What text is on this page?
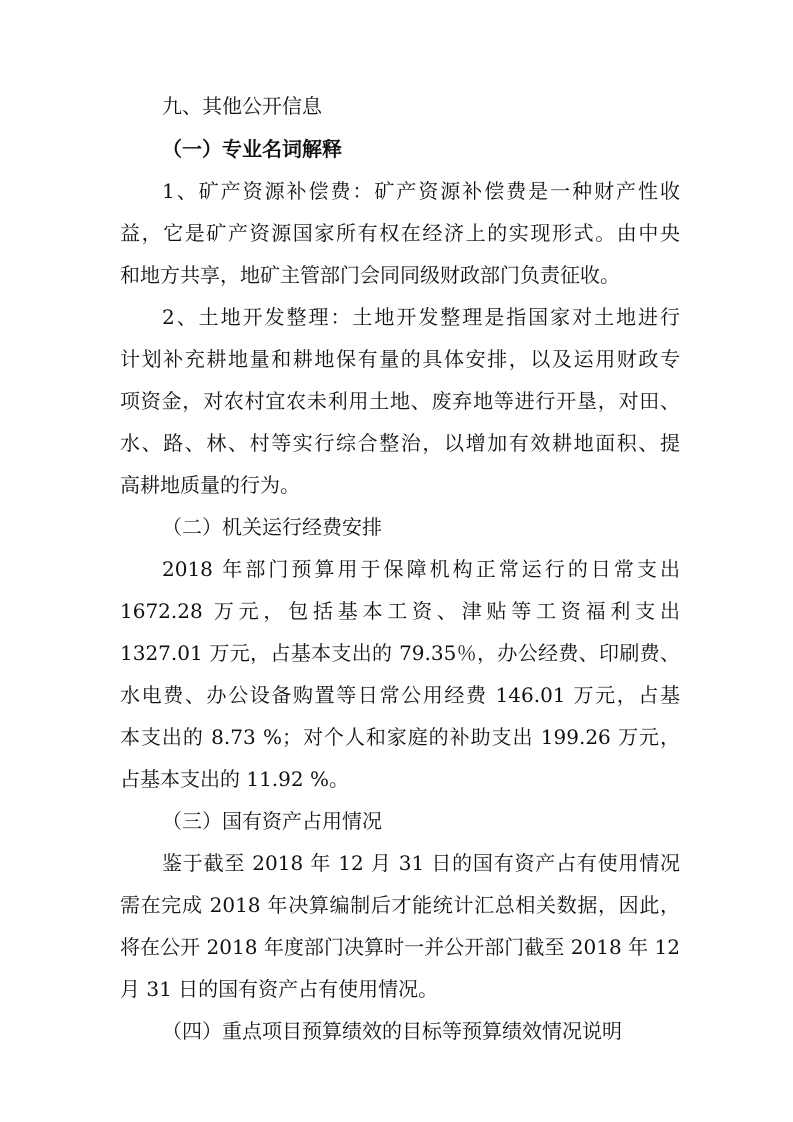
九、其他公开信息
（一）专业名词解释
1、矿产资源补偿费：矿产资源补偿费是一种财产性收
益，它是矿产资源国家所有权在经济上的实现形式。由中央
和地方共享，地矿主管部门会同同级财政部门负责征收。
2、土地开发整理：土地开发整理是指国家对土地进行
计划补充耕地量和耕地保有量的具体安排，以及运用财政专
项资金，对农村宜农未利用土地、废弃地等进行开垦，对田、
水、路、林、村等实行综合整治，以增加有效耕地面积、提
高耕地质量的行为。
（二）机关运行经费安排
2018 年部门预算用于保障机构正常运行的日常支出
1672.28 万元，包括基本工资、津贴等工资福利支出
1327.01 万元，占基本支出的 79.35％，办公经费、印刷费、
水电费、办公设备购置等日常公用经费 146.01 万元，占基
本支出的 8.73 %；对个人和家庭的补助支出 199.26 万元，
占基本支出的 11.92 %。
（三）国有资产占用情况
鉴于截至 2018 年 12 月 31 日的国有资产占有使用情况
需在完成 2018 年决算编制后才能统计汇总相关数据，因此，
将在公开 2018 年度部门决算时一并公开部门截至 2018 年 12
月 31 日的国有资产占有使用情况。
（四）重点项目预算绩效的目标等预算绩效情况说明
